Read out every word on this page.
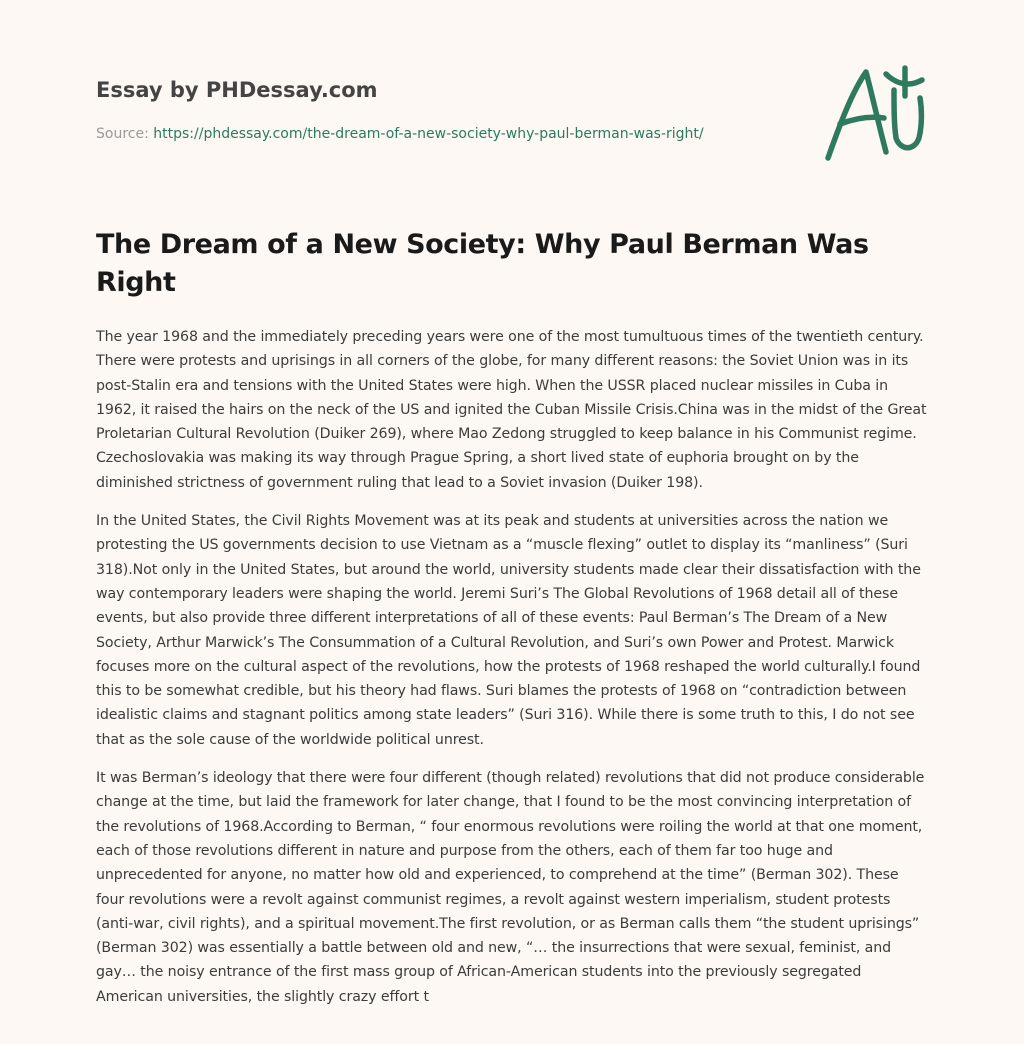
Essay by PHDessay.com
Source: https://phdessay.com/the-dream-of-a-new-society-why-paul-berman-was-right/
The Dream of a New Society: Why Paul Berman Was Right

The year 1968 and the immediately preceding years were one of the most tumultuous times of the twentieth century. There were protests and uprisings in all corners of the globe, for many different reasons: the Soviet Union was in its post-Stalin era and tensions with the United States were high. When the USSR placed nuclear missiles in Cuba in 1962, it raised the hairs on the neck of the US and ignited the Cuban Missile Crisis.China was in the midst of the Great Proletarian Cultural Revolution (Duiker 269), where Mao Zedong struggled to keep balance in his Communist regime. Czechoslovakia was making its way through Prague Spring, a short lived state of euphoria brought on by the diminished strictness of government ruling that lead to a Soviet invasion (Duiker 198).

In the United States, the Civil Rights Movement was at its peak and students at universities across the nation we protesting the US governments decision to use Vietnam as a “muscle flexing” outlet to display its “manliness” (Suri 318).Not only in the United States, but around the world, university students made clear their dissatisfaction with the way contemporary leaders were shaping the world. Jeremi Suri’s The Global Revolutions of 1968 detail all of these events, but also provide three different interpretations of all of these events: Paul Berman’s The Dream of a New Society, Arthur Marwick’s The Consummation of a Cultural Revolution, and Suri’s own Power and Protest. Marwick focuses more on the cultural aspect of the revolutions, how the protests of 1968 reshaped the world culturally.I found this to be somewhat credible, but his theory had flaws. Suri blames the protests of 1968 on “contradiction between idealistic claims and stagnant politics among state leaders” (Suri 316). While there is some truth to this, I do not see that as the sole cause of the worldwide political unrest.

It was Berman’s ideology that there were four different (though related) revolutions that did not produce considerable change at the time, but laid the framework for later change, that I found to be the most convincing interpretation of the revolutions of 1968.According to Berman, “ four enormous revolutions were roiling the world at that one moment, each of those revolutions different in nature and purpose from the others, each of them far too huge and unprecedented for anyone, no matter how old and experienced, to comprehend at the time” (Berman 302). These four revolutions were a revolt against communist regimes, a revolt against western imperialism, student protests (anti-war, civil rights), and a spiritual movement.The first revolution, or as Berman calls them “the student uprisings” (Berman 302) was essentially a battle between old and new, “… the insurrections that were sexual, feminist, and gay… the noisy entrance of the first mass group of African-American students into the previously segregated American universities, the slightly crazy effort t
